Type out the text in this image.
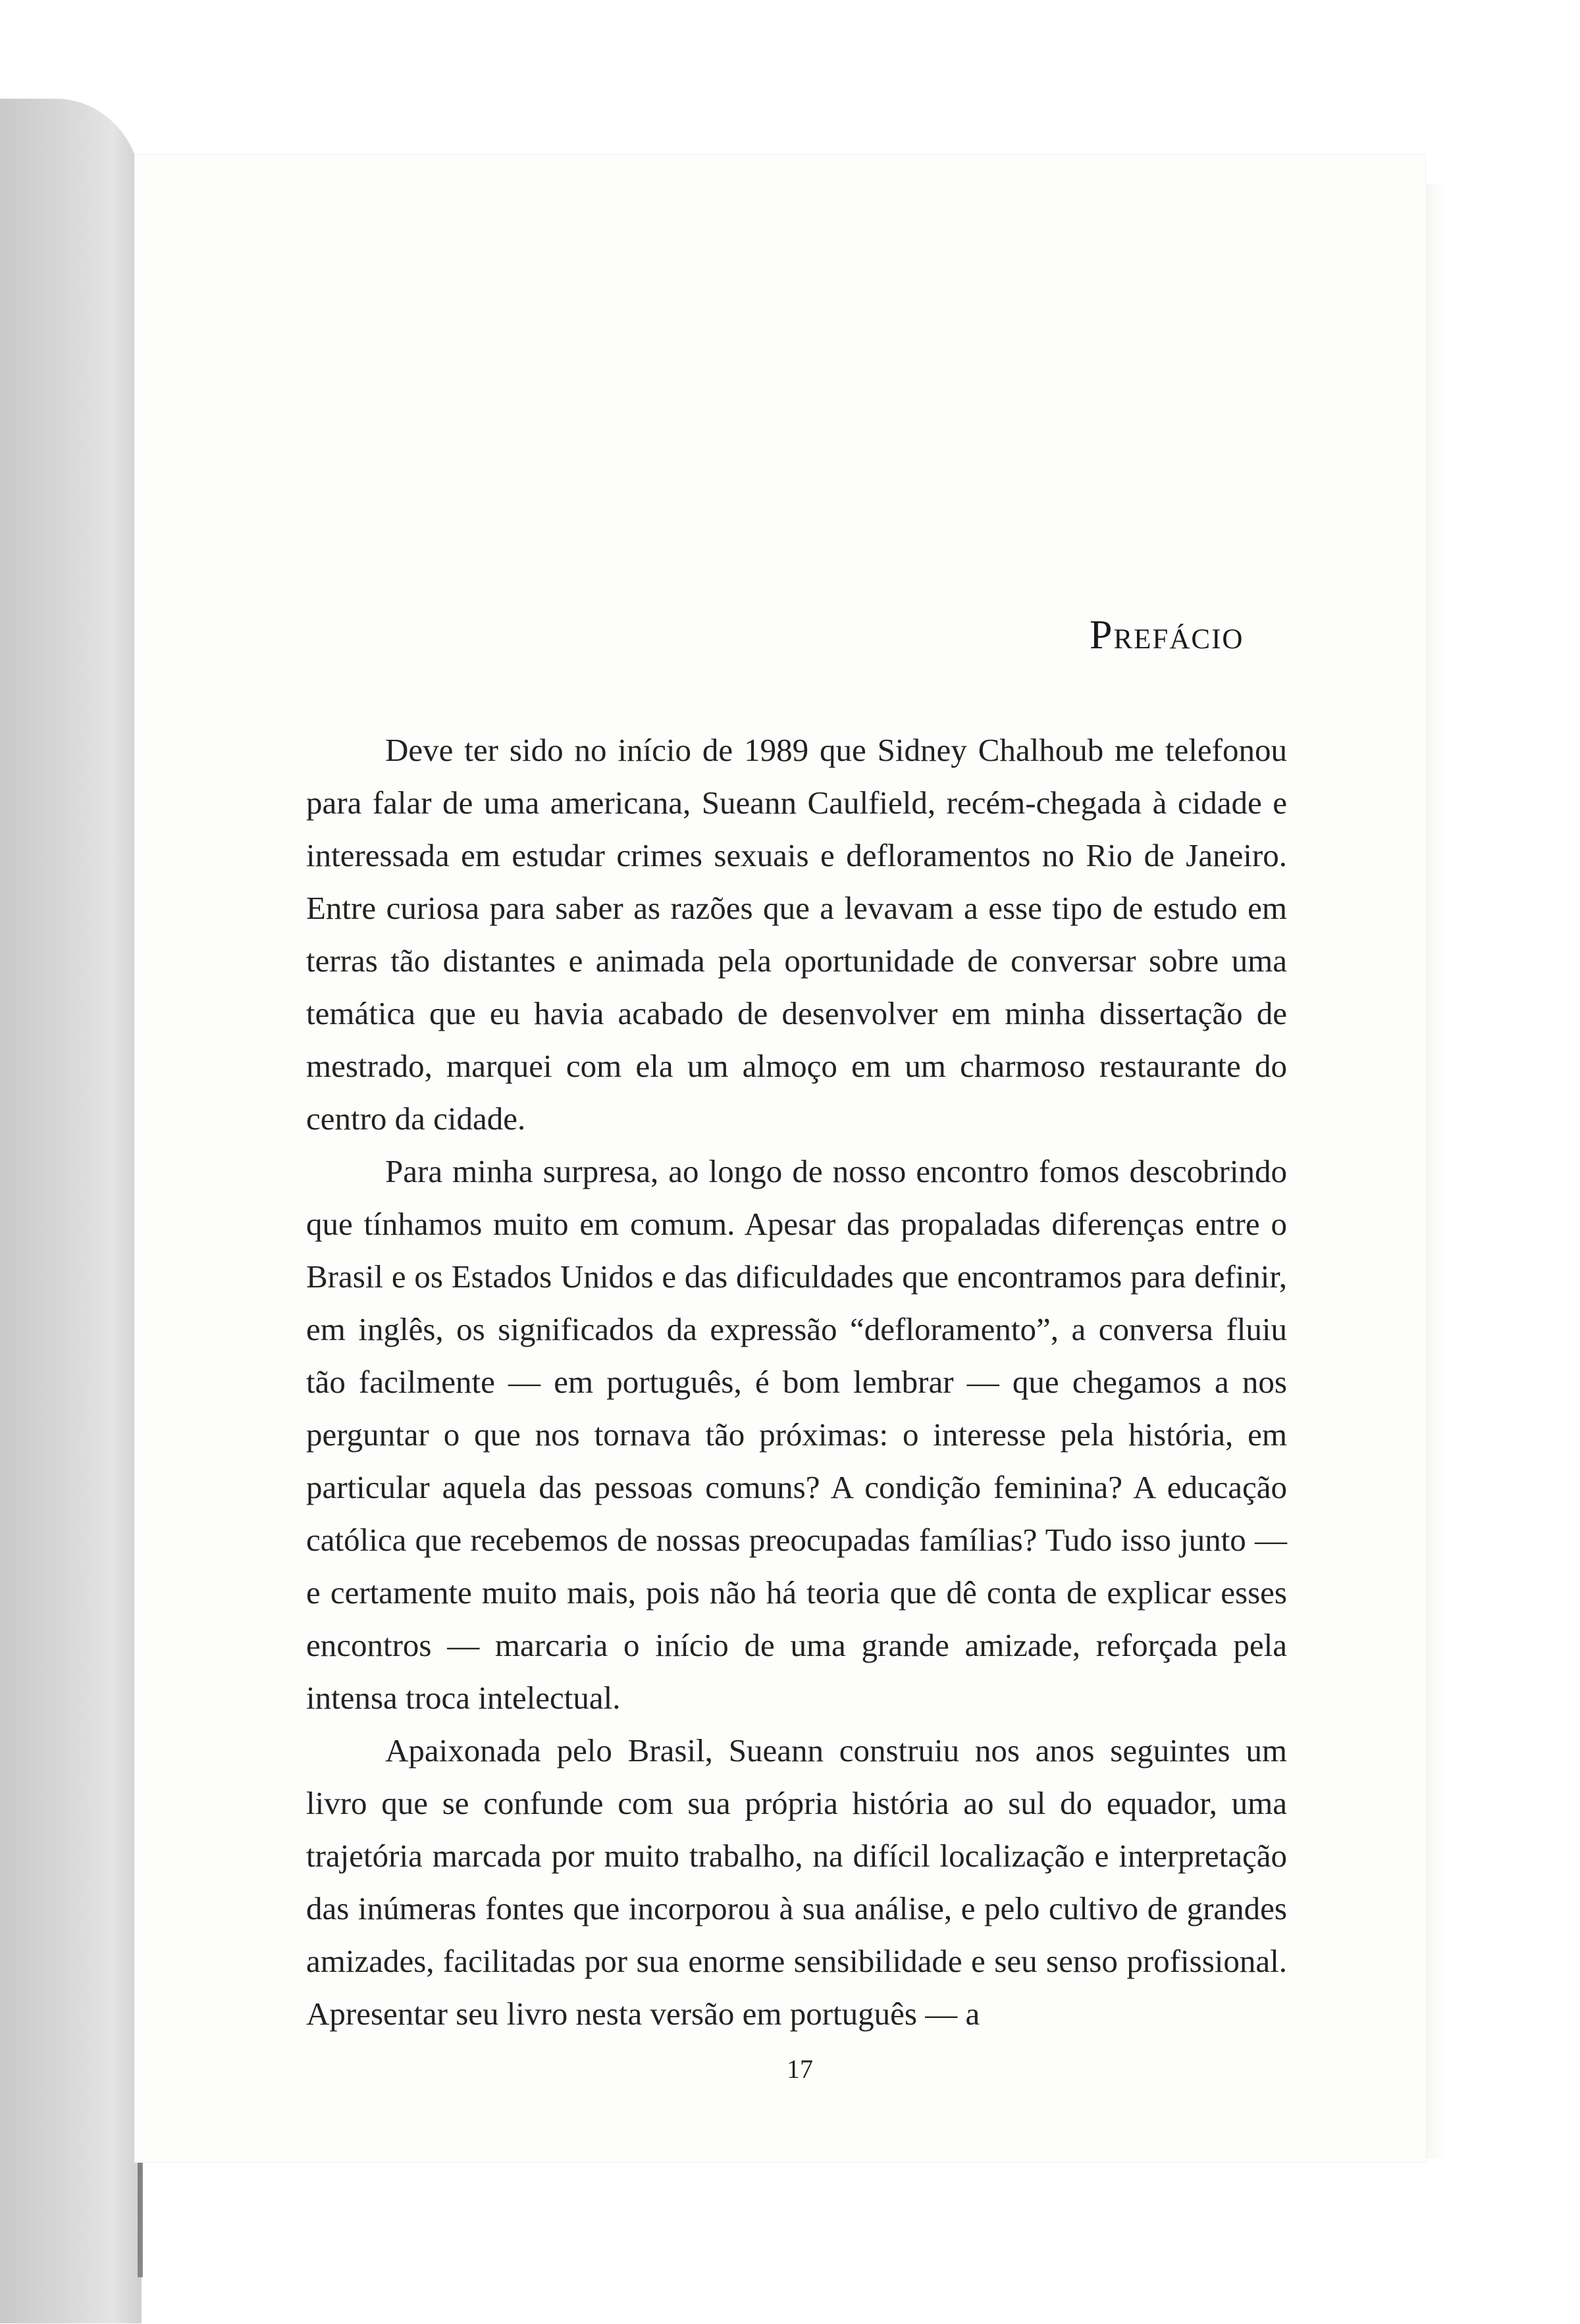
Prefácio

Deve ter sido no início de 1989 que Sidney Chalhoub me telefonou para falar de uma americana, Sueann Caulfield, recém-chegada à cidade e interessada em estudar crimes sexuais e defloramentos no Rio de Janeiro. Entre curiosa para saber as razões que a levavam a esse tipo de estudo em terras tão distantes e animada pela oportunidade de conversar sobre uma temática que eu havia acabado de desenvolver em minha dissertação de mestrado, marquei com ela um almoço em um charmoso restaurante do centro da cidade.

Para minha surpresa, ao longo de nosso encontro fomos descobrindo que tínhamos muito em comum. Apesar das propaladas diferenças entre o Brasil e os Estados Unidos e das dificuldades que encontramos para definir, em inglês, os significados da expressão “defloramento”, a conversa fluiu tão facilmente — em português, é bom lembrar — que chegamos a nos perguntar o que nos tornava tão próximas: o interesse pela história, em particular aquela das pessoas comuns? A condição feminina? A educação católica que recebemos de nossas preocupadas famílias? Tudo isso junto — e certamente muito mais, pois não há teoria que dê conta de explicar esses encontros — marcaria o início de uma grande amizade, reforçada pela intensa troca intelectual.

Apaixonada pelo Brasil, Sueann construiu nos anos seguintes um livro que se confunde com sua própria história ao sul do equador, uma trajetória marcada por muito trabalho, na difícil localização e interpretação das inúmeras fontes que incorporou à sua análise, e pelo cultivo de grandes amizades, facilitadas por sua enorme sensibilidade e seu senso profissional. Apresentar seu livro nesta versão em português — a

17
